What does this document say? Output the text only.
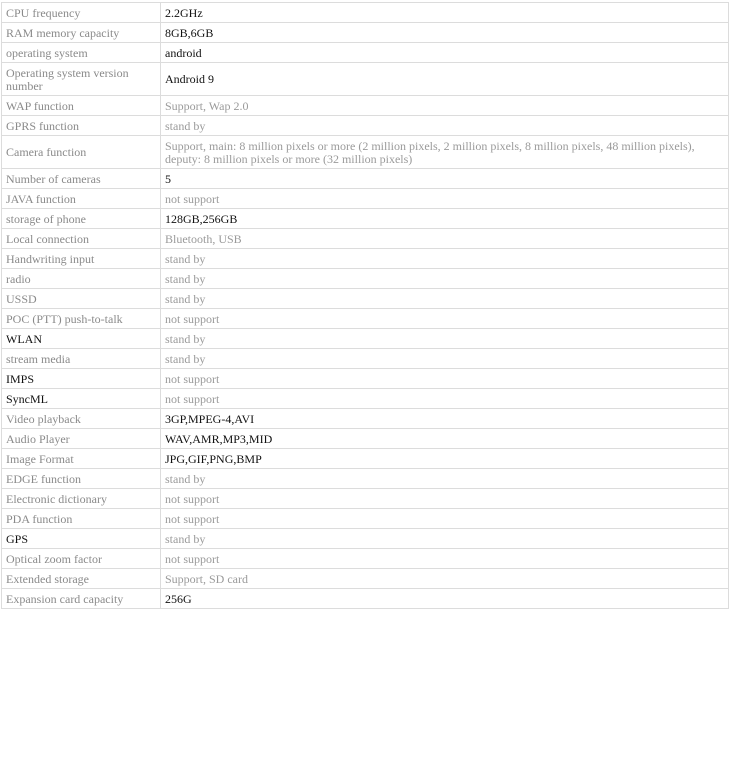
CPU frequency	2.2GHz
RAM memory capacity	8GB,6GB
operating system	android
Operating system version number	Android 9
WAP function	Support, Wap 2.0
GPRS function	stand by
Camera function	Support, main: 8 million pixels or more (2 million pixels, 2 million pixels, 8 million pixels, 48 million pixels), deputy: 8 million pixels or more (32 million pixels)
Number of cameras	5
JAVA function	not support
storage of phone	128GB,256GB
Local connection	Bluetooth, USB
Handwriting input	stand by
radio	stand by
USSD	stand by
POC (PTT) push-to-talk	not support
WLAN	stand by
stream media	stand by
IMPS	not support
SyncML	not support
Video playback	3GP,MPEG-4,AVI
Audio Player	WAV,AMR,MP3,MID
Image Format	JPG,GIF,PNG,BMP
EDGE function	stand by
Electronic dictionary	not support
PDA function	not support
GPS	stand by
Optical zoom factor	not support
Extended storage	Support, SD card
Expansion card capacity	256G
